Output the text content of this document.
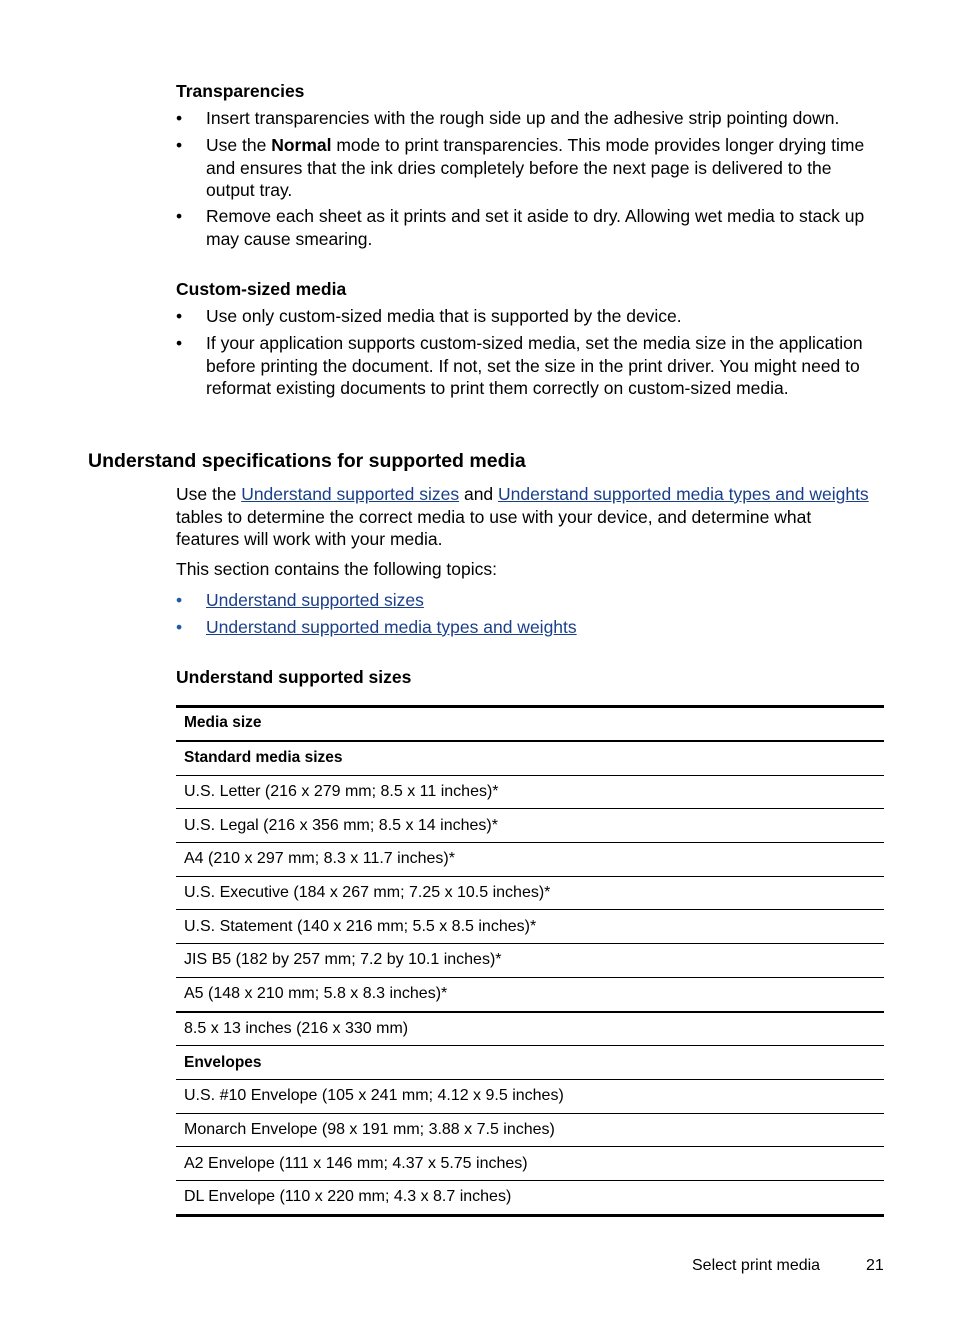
Transparencies
•	Insert transparencies with the rough side up and the adhesive strip pointing down.
•	Use the Normal mode to print transparencies. This mode provides longer drying time and ensures that the ink dries completely before the next page is delivered to the output tray.
•	Remove each sheet as it prints and set it aside to dry. Allowing wet media to stack up may cause smearing.
Custom-sized media
•	Use only custom-sized media that is supported by the device.
•	If your application supports custom-sized media, set the media size in the application before printing the document. If not, set the size in the print driver. You might need to reformat existing documents to print them correctly on custom-sized media.
Understand specifications for supported media
Use the Understand supported sizes and Understand supported media types and weights tables to determine the correct media to use with your device, and determine what features will work with your media.
This section contains the following topics:
•	Understand supported sizes
•	Understand supported media types and weights
Understand supported sizes
Media size
Standard media sizes
U.S. Letter (216 x 279 mm; 8.5 x 11 inches)*
U.S. Legal (216 x 356 mm; 8.5 x 14 inches)*
A4 (210 x 297 mm; 8.3 x 11.7 inches)*
U.S. Executive (184 x 267 mm; 7.25 x 10.5 inches)*
U.S. Statement (140 x 216 mm; 5.5 x 8.5 inches)*
JIS B5 (182 by 257 mm; 7.2 by 10.1 inches)*
A5 (148 x 210 mm; 5.8 x 8.3 inches)*
8.5 x 13 inches (216 x 330 mm)
Envelopes
U.S. #10 Envelope (105 x 241 mm; 4.12 x 9.5 inches)
Monarch Envelope (98 x 191 mm; 3.88 x 7.5 inches)
A2 Envelope (111 x 146 mm; 4.37 x 5.75 inches)
DL Envelope (110 x 220 mm; 4.3 x 8.7 inches)
Select print media	21
